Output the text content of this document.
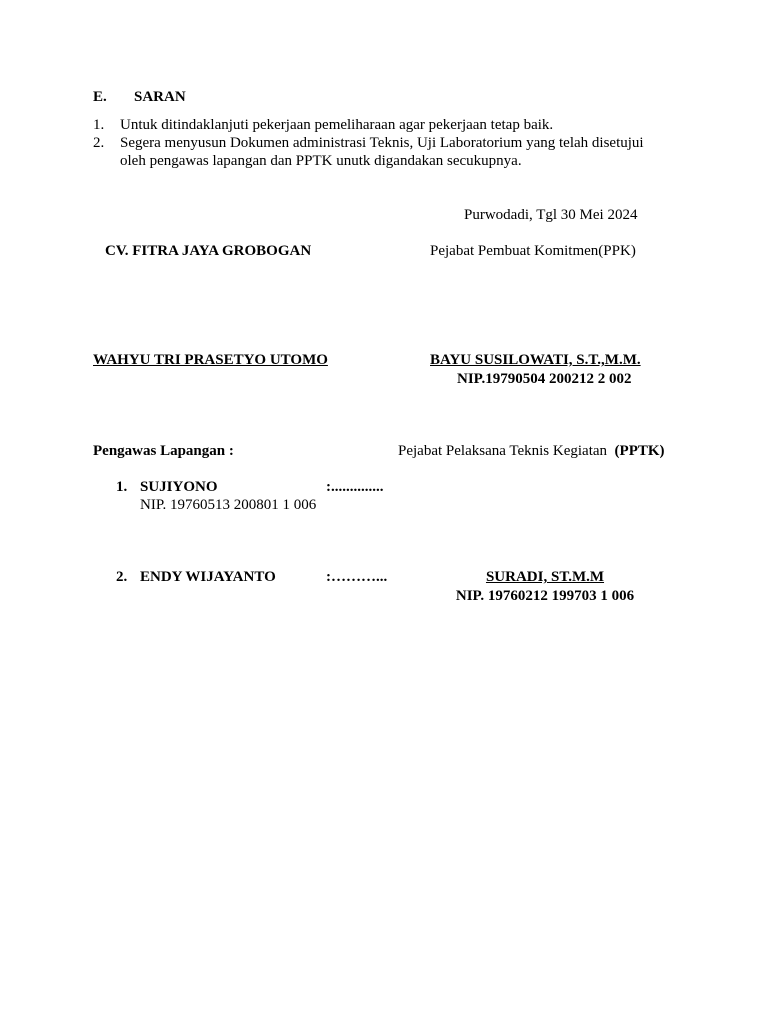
E. SARAN
1. Untuk ditindaklanjuti pekerjaan pemeliharaan agar pekerjaan tetap baik.
2. Segera menyusun Dokumen administrasi Teknis, Uji Laboratorium yang telah disetujui
oleh pengawas lapangan dan PPTK unutk digandakan secukupnya.
Purwodadi, Tgl 30 Mei 2024
CV. FITRA JAYA GROBOGAN	Pejabat Pembuat Komitmen(PPK)
WAHYU TRI PRASETYO UTOMO	BAYU SUSILOWATI, S.T.,M.M.
NIP.19790504 200212 2 002
Pengawas Lapangan :	Pejabat Pelaksana Teknis Kegiatan (PPTK)
1. SUJIYONO	:..............
NIP. 19760513 200801 1 006
2. ENDY WIJAYANTO	:………...	SURADI, ST.M.M
NIP. 19760212 199703 1 006
